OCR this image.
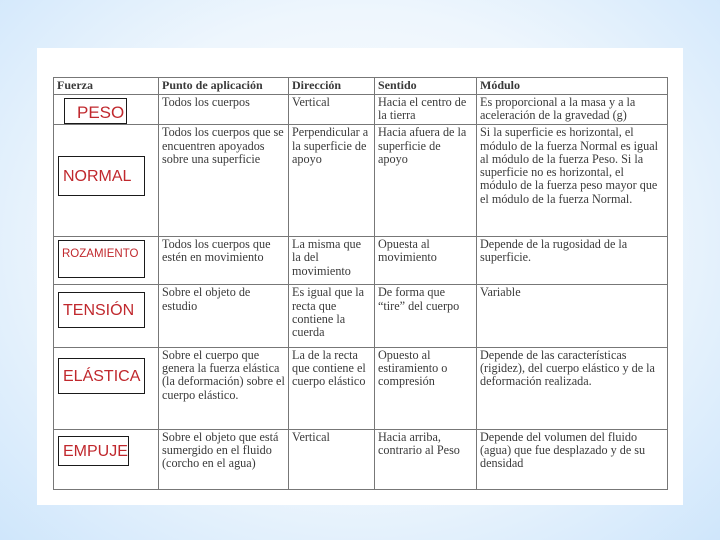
Fuerza	Punto de aplicación	Dirección	Sentido	Módulo

PESO	Todos los cuerpos	Vertical	Hacia el centro de la tierra	Es proporcional a la masa y a la aceleración de la gravedad (g)

NORMAL	Todos los cuerpos que se encuentren apoyados sobre una superficie	Perpendicular a la superficie de apoyo	Hacia afuera de la superficie de apoyo	Si la superficie es horizontal, el módulo de la fuerza Normal es igual al módulo de la fuerza Peso. Si la superficie no es horizontal, el módulo de la fuerza peso mayor que el módulo de la fuerza Normal.

ROZAMIENTO	Todos los cuerpos que estén en movimiento	La misma que la del movimiento	Opuesta al movimiento	Depende de la rugosidad de la superficie.

TENSIÓN	Sobre el objeto de estudio	Es igual que la recta que contiene la cuerda	De forma que “tire” del cuerpo	Variable

ELÁSTICA	Sobre el cuerpo que genera la fuerza elástica (la deformación) sobre el cuerpo elástico.	La de la recta que contiene el cuerpo elástico	Opuesto al estiramiento o compresión	Depende de las características (rigidez), del cuerpo elástico y de la deformación realizada.

EMPUJE	Sobre el objeto que está sumergido en el fluido (corcho en el agua)	Vertical	Hacia arriba, contrario al Peso	Depende del volumen del fluido (agua) que fue desplazado y de su densidad
